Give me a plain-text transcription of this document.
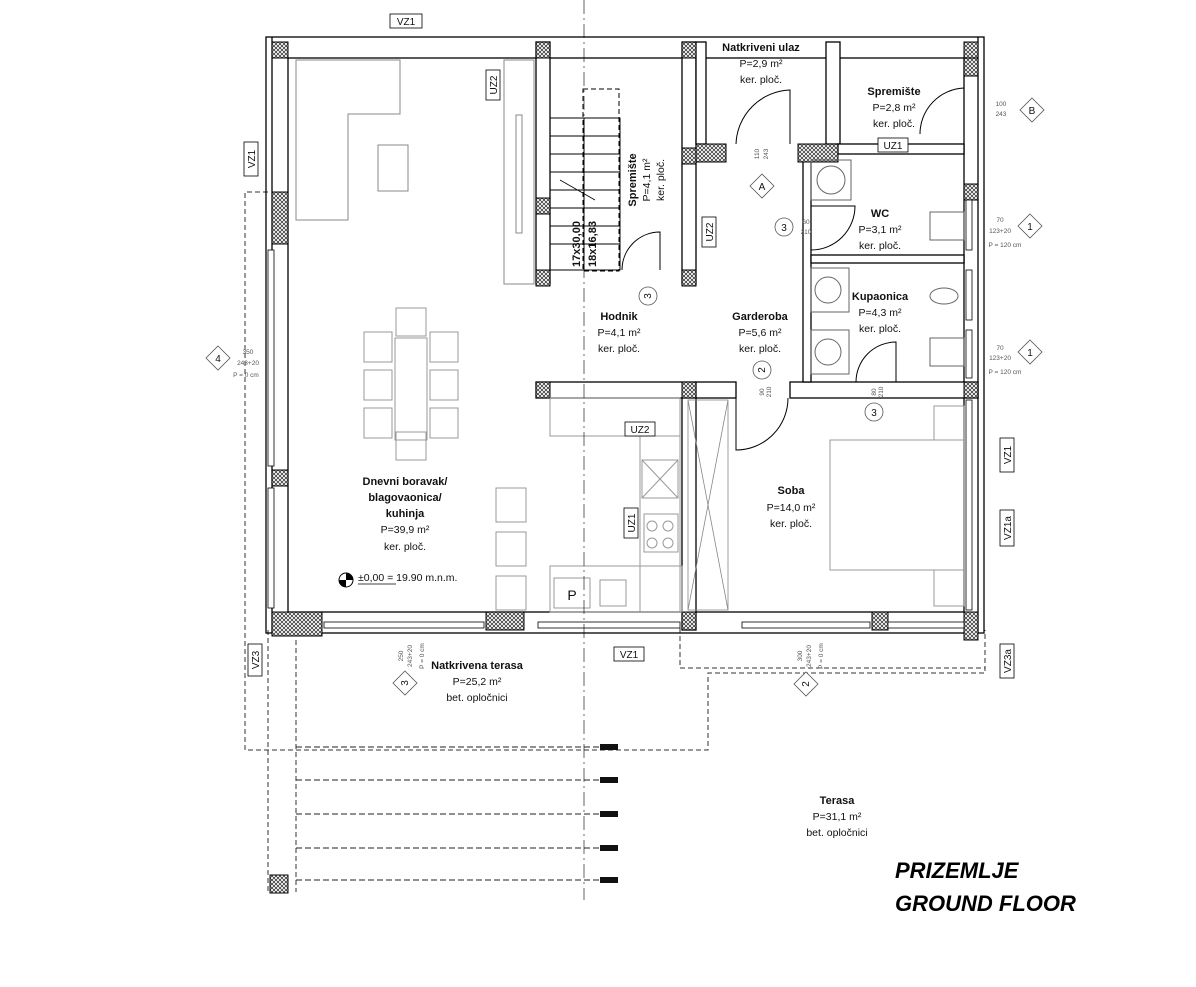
Natkriveni ulaz
P=2,9 m²
ker. ploč.
Spremište
P=2,8 m²
ker. ploč.
Spremište P=4,1 m² ker. ploč.
WC
P=3,1 m²
ker. ploč.
Kupaonica
P=4,3 m²
ker. ploč.
Hodnik
P=4,1 m²
ker. ploč.
Garderoba
P=5,6 m²
ker. ploč.
Soba
P=14,0 m²
ker. ploč.
Dnevni boravak/
blagovaonica/
kuhinja
P=39,9 m²
ker. ploč.
Natkrivena terasa
P=25,2 m²
bet. opločnici
Terasa
P=31,1 m²
bet. opločnici
±0,00 = 19.90 m.n.m.
17x30,00 18x16,83
P
VZ1
UZ1
UZ2
VZ1
VZ1
UZ2
UZ2
UZ1
VZ1
VZ1a
VZ3a
VZ3
3
3
2
3
B
1
1
4
A
3	2
100
243
70
123+20
P = 120 cm
70
123+20
P = 120 cm
60
210
110 243
90 210	80 210
350
243+20
P = 0 cm
250 243+20 P = 0 cm	300 243+20 P = 0 cm
PRIZEMLJE
GROUND FLOOR
